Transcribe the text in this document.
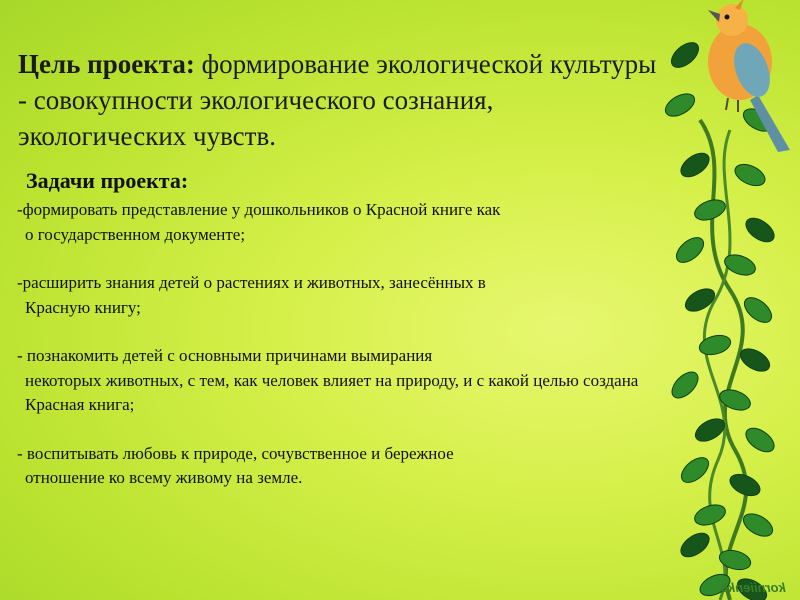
Цель проекта: формирование экологической культуры - совокупности экологического сознания, экологических чувств.
Задачи проекта:

-формировать представление у дошкольников о Красной книге как
о государственном документе;

-расширить знания детей о растениях и животных, занесённых в
Красную книгу;

- познакомить детей с основными причинами вымирания
некоторых животных, с тем, как человек влияет на природу, и с какой целью создана Красная книга;

- воспитывать любовь к природе, сочувственное и бережное
отношение ко всему живому на земле.

korniienko
